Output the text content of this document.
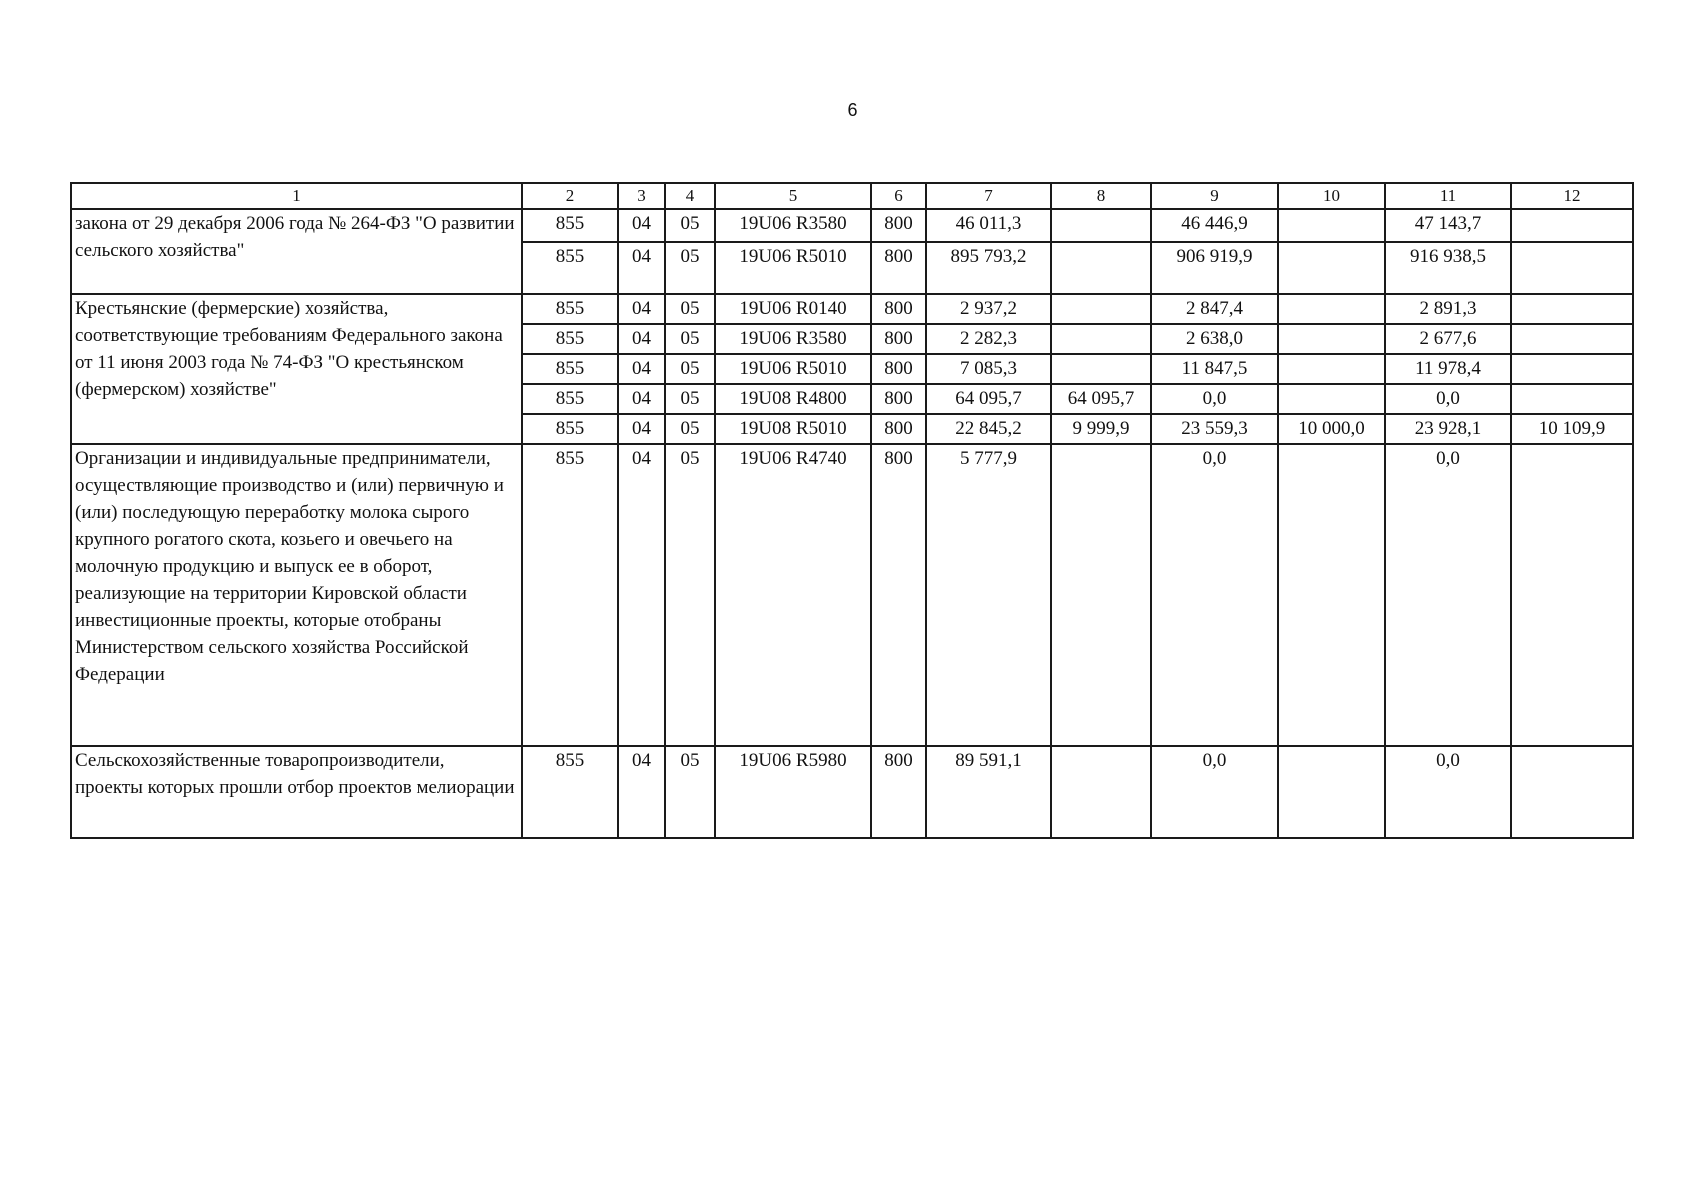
6
1	2	3	4	5	6	7	8	9	10	11	12
закона от 29 декабря 2006 года № 264-ФЗ "О развитии сельского хозяйства"	855	04	05	19U06 R3580	800	46 011,3		46 446,9		47 143,7	
	855	04	05	19U06 R5010	800	895 793,2		906 919,9		916 938,5	
Крестьянские (фермерские) хозяйства, соответствующие требованиям Федерального закона от 11 июня 2003 года № 74-ФЗ "О крестьянском (фермерском) хозяйстве"	855	04	05	19U06 R0140	800	2 937,2		2 847,4		2 891,3	
	855	04	05	19U06 R3580	800	2 282,3		2 638,0		2 677,6	
	855	04	05	19U06 R5010	800	7 085,3		11 847,5		11 978,4	
	855	04	05	19U08 R4800	800	64 095,7	64 095,7	0,0		0,0	
	855	04	05	19U08 R5010	800	22 845,2	9 999,9	23 559,3	10 000,0	23 928,1	10 109,9
Организации и индивидуальные предприниматели, осуществляющие производство и (или) первичную и (или) последующую переработку молока сырого крупного рогатого скота, козьего и овечьего на молочную продукцию и выпуск ее в оборот, реализующие на территории Кировской области инвестиционные проекты, которые отобраны Министерством сельского хозяйства Российской Федерации	855	04	05	19U06 R4740	800	5 777,9		0,0		0,0	
Сельскохозяйственные товаропроизводители, проекты которых прошли отбор проектов мелиорации	855	04	05	19U06 R5980	800	89 591,1		0,0		0,0	
